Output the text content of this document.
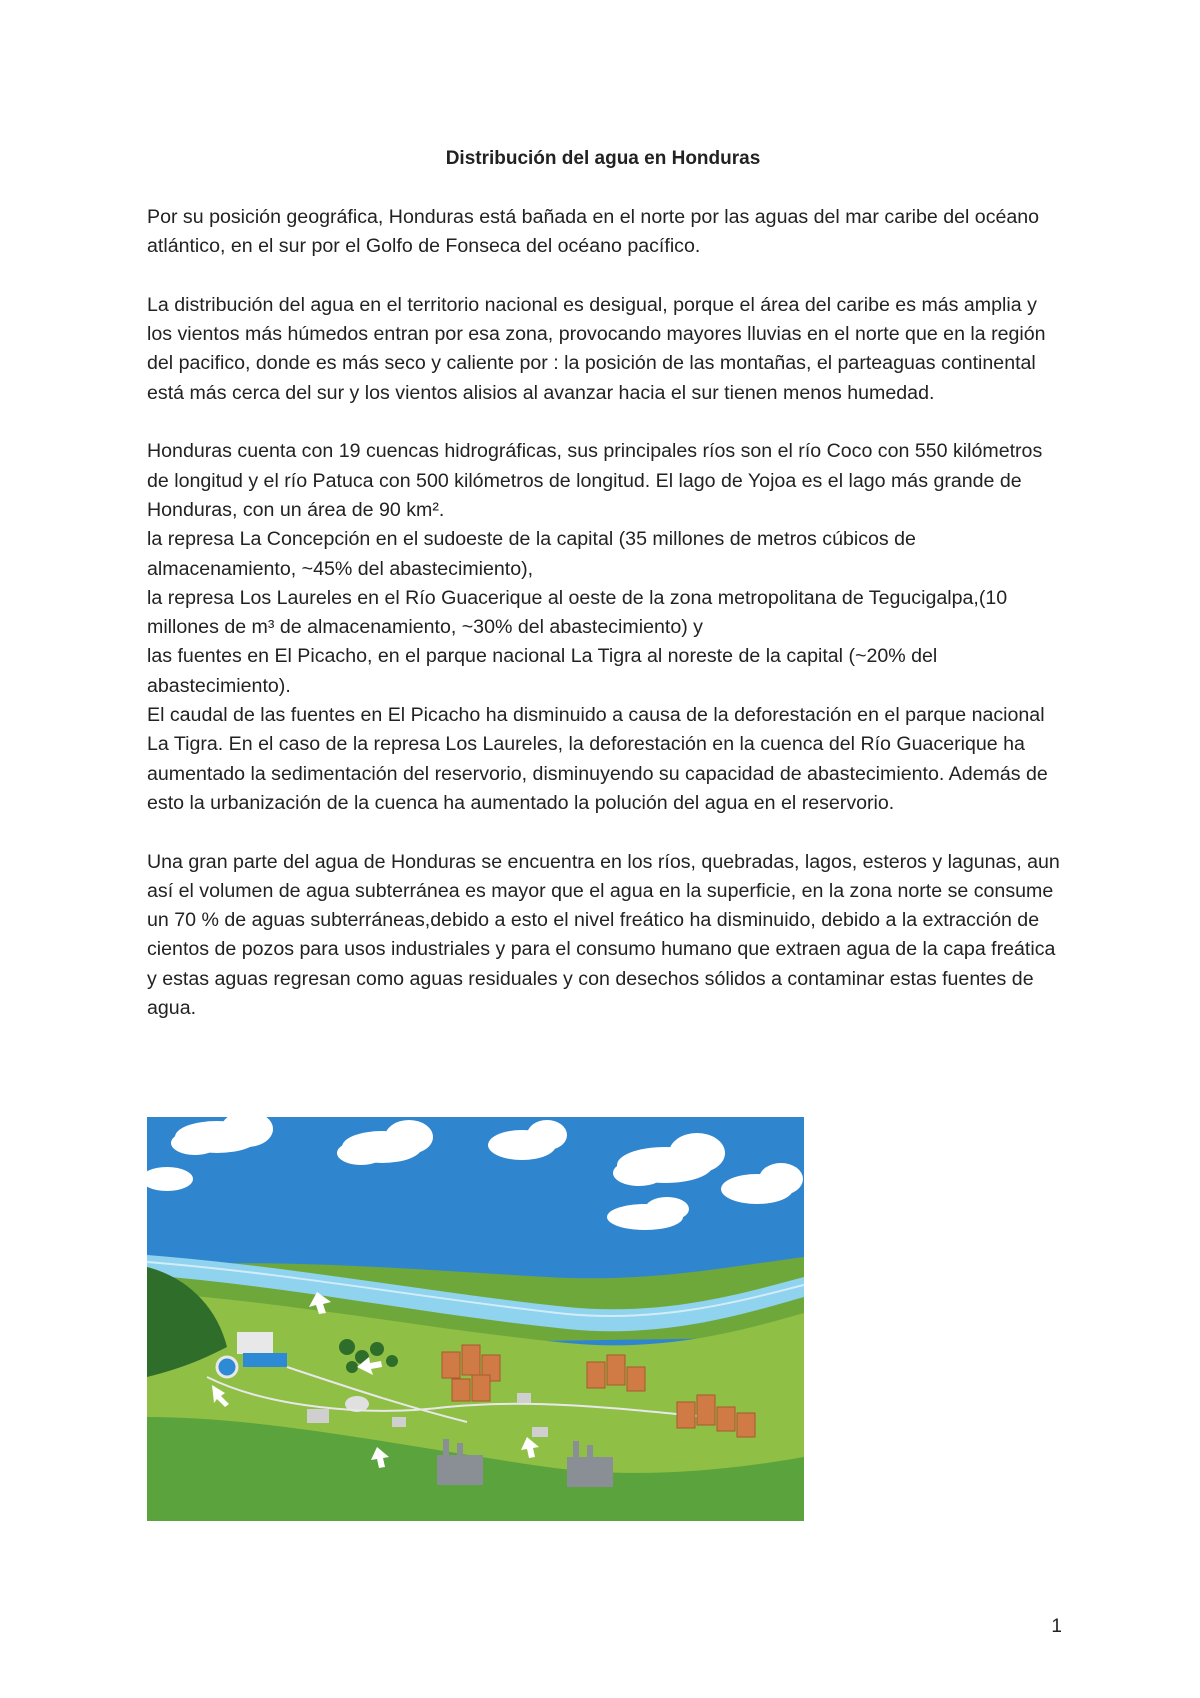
Distribución del agua en Honduras

Por su posición geográfica, Honduras está bañada en el norte por las aguas del mar caribe del océano atlántico, en el sur por el Golfo de Fonseca del océano pacífico.

La distribución del agua en el territorio nacional es desigual, porque el área del caribe es más amplia y los vientos más húmedos entran por esa zona, provocando mayores lluvias en el norte que en la región del pacifico, donde es más seco y caliente por : la posición de las montañas, el parteaguas continental está más cerca del sur y los vientos alisios al avanzar hacia el sur tienen menos humedad.

Honduras cuenta con 19 cuencas hidrográficas, sus principales ríos son el río Coco con 550 kilómetros de longitud y el río Patuca con 500 kilómetros de longitud. El lago de Yojoa es el lago más grande de Honduras, con un área de 90 km².

la represa La Concepción en el sudoeste de la capital (35 millones de metros cúbicos de almacenamiento, ~45% del abastecimiento),

la represa Los Laureles en el Río Guacerique al oeste de la zona metropolitana de Tegucigalpa,(10 millones de m³ de almacenamiento, ~30% del abastecimiento) y

las fuentes en El Picacho, en el parque nacional La Tigra al noreste de la capital (~20% del abastecimiento).

El caudal de las fuentes en El Picacho ha disminuido a causa de la deforestación en el parque nacional La Tigra. En el caso de la represa Los Laureles, la deforestación en la cuenca del Río Guacerique ha aumentado la sedimentación del reservorio, disminuyendo su capacidad de abastecimiento. Además de esto la urbanización de la cuenca ha aumentado la polución del agua en el reservorio.

Una gran parte del agua de Honduras se encuentra en los ríos, quebradas, lagos, esteros y lagunas, aun así el volumen de agua subterránea es mayor que el agua en la superficie, en la zona norte se consume un 70 % de aguas subterráneas,debido a esto el nivel freático ha disminuido, debido a la extracción de cientos de pozos para usos industriales y para el consumo humano que extraen agua de la capa freática y estas aguas regresan como aguas residuales y con desechos sólidos a contaminar estas fuentes de agua.

1
